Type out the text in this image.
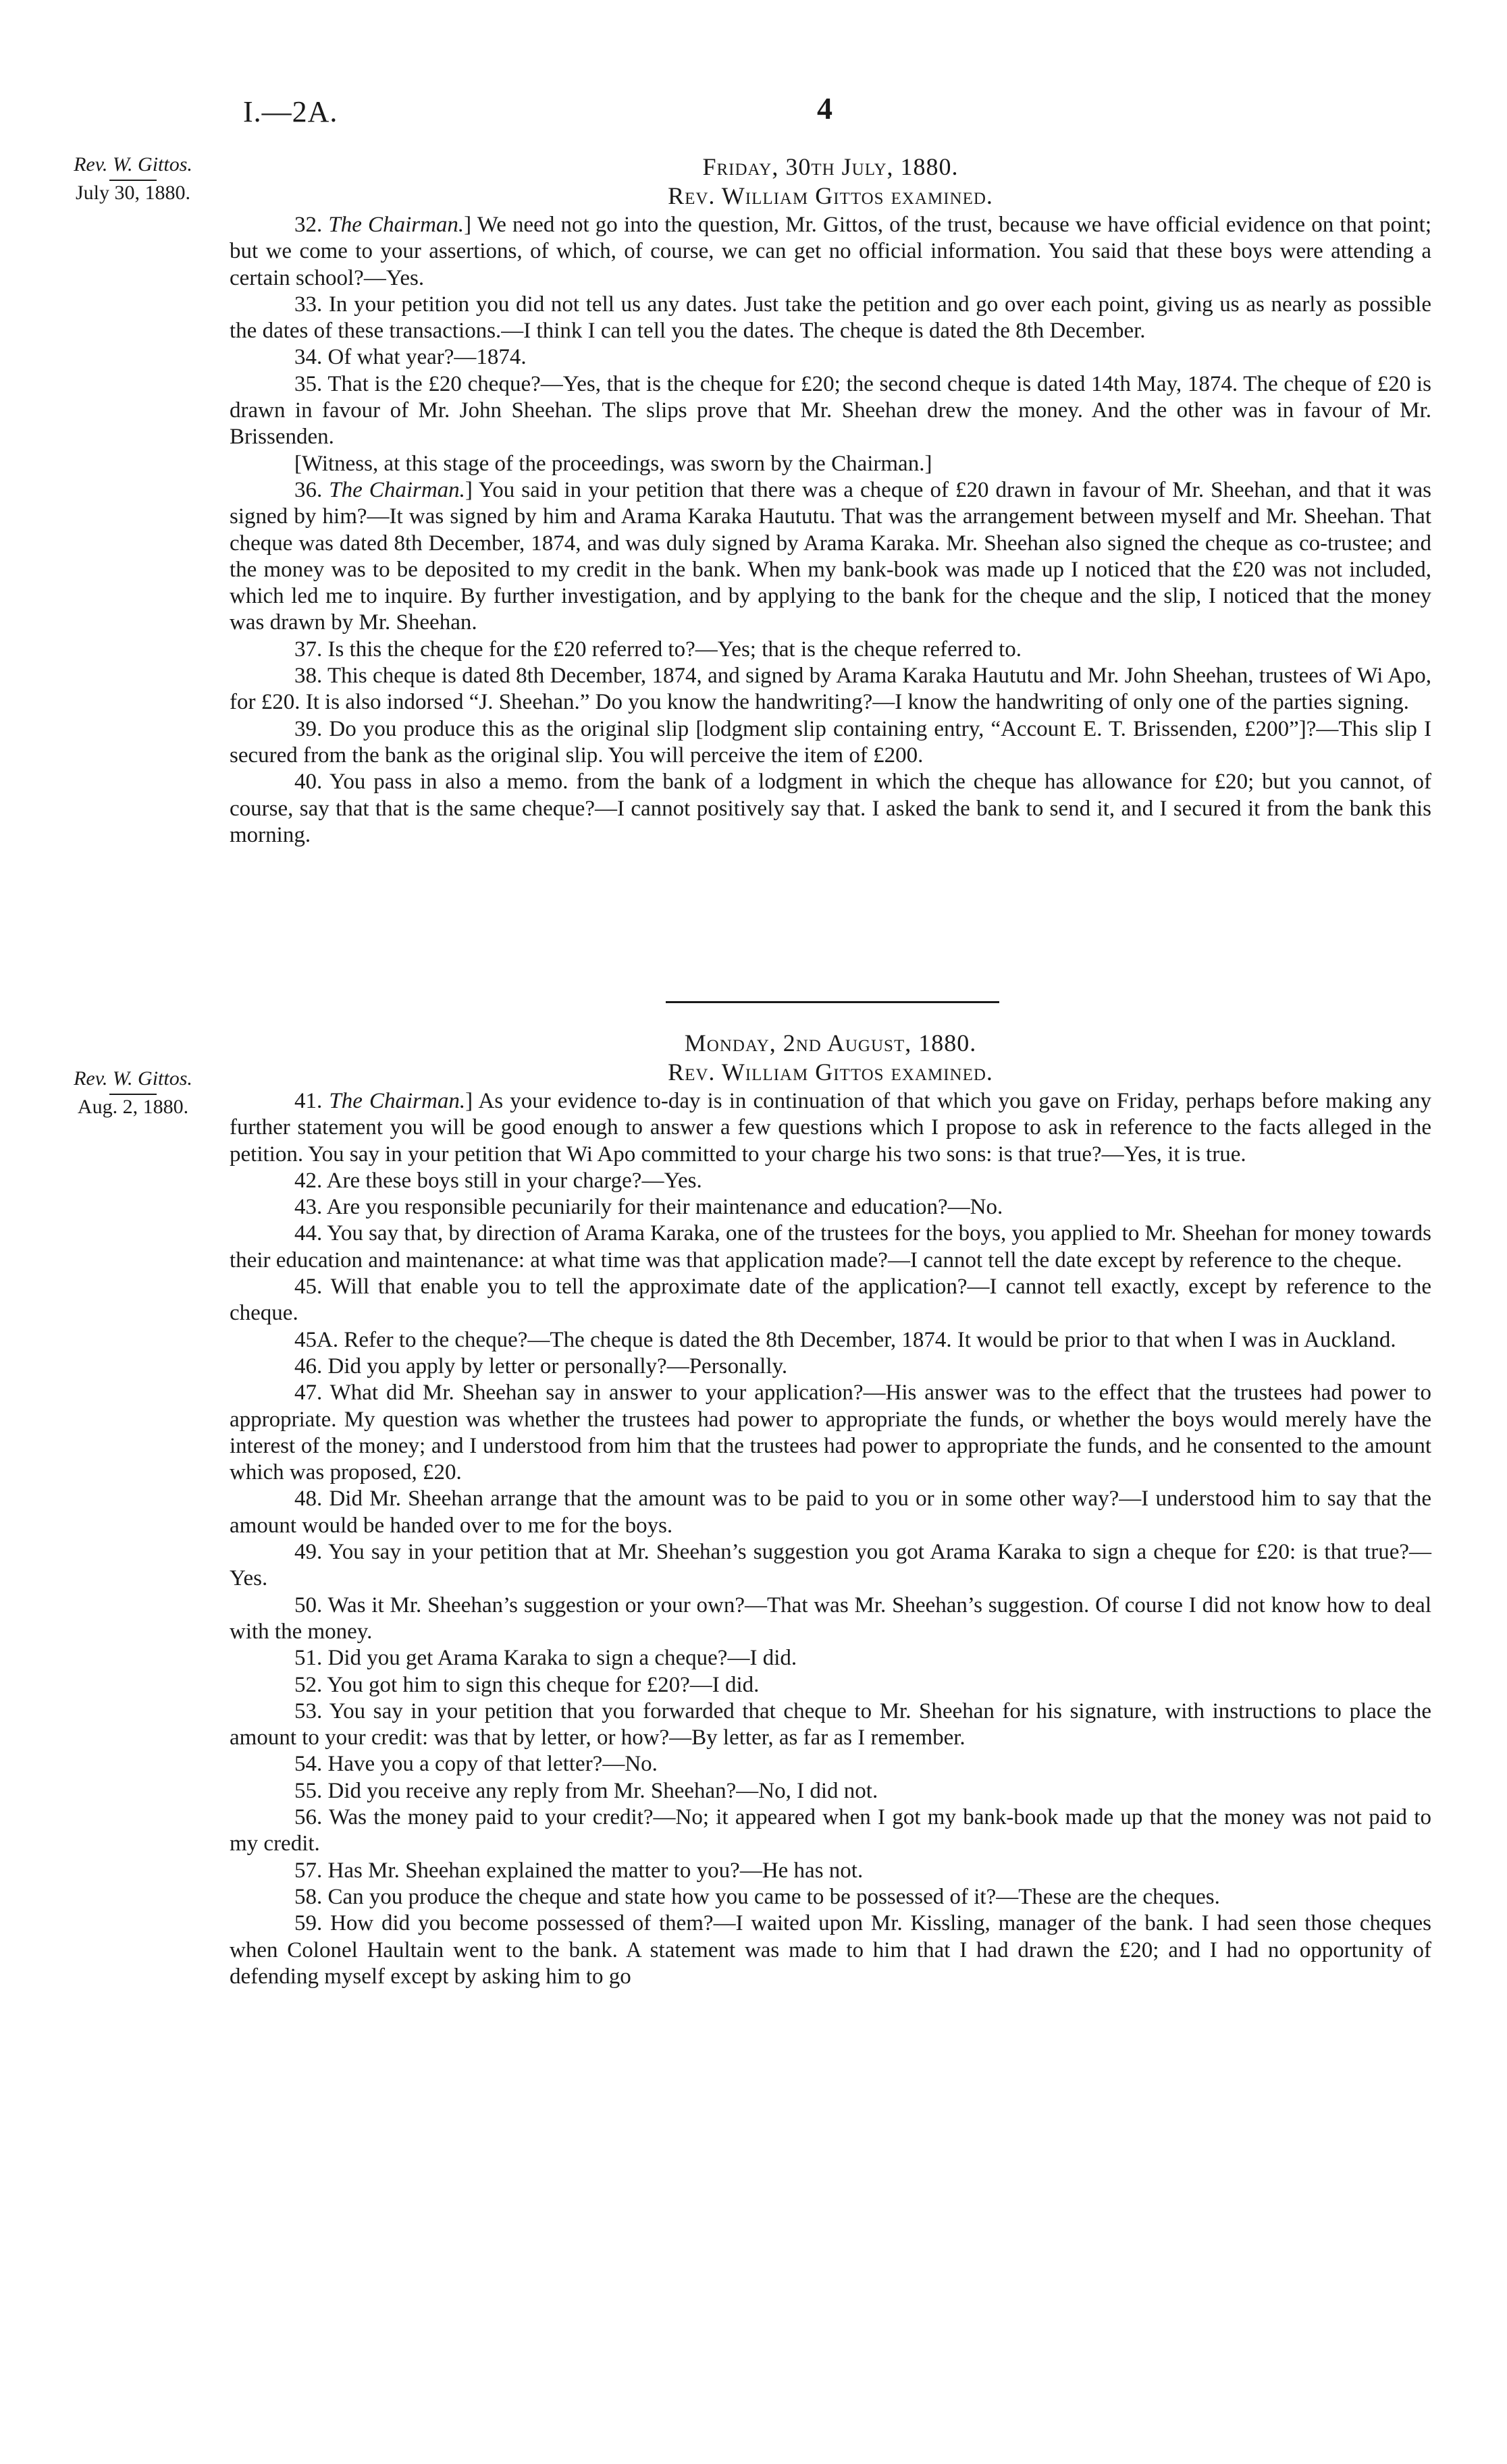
I.—2A.	4
Rev. W. Gittos.
July 30, 1880.
Friday, 30th July, 1880.
Rev. William Gittos examined.

32. The Chairman.] We need not go into the question, Mr. Gittos, of the trust, because we have official evidence on that point; but we come to your assertions, of which, of course, we can get no official information. You said that these boys were attending a certain school?—Yes.

33. In your petition you did not tell us any dates. Just take the petition and go over each point, giving us as nearly as possible the dates of these transactions.—I think I can tell you the dates. The cheque is dated the 8th December.

34. Of what year?—1874.

35. That is the £20 cheque?—Yes, that is the cheque for £20; the second cheque is dated 14th May, 1874. The cheque of £20 is drawn in favour of Mr. John Sheehan. The slips prove that Mr. Sheehan drew the money. And the other was in favour of Mr. Brissenden.

[Witness, at this stage of the proceedings, was sworn by the Chairman.]

36. The Chairman.] You said in your petition that there was a cheque of £20 drawn in favour of Mr. Sheehan, and that it was signed by him?—It was signed by him and Arama Karaka Haututu. That was the arrangement between myself and Mr. Sheehan. That cheque was dated 8th December, 1874, and was duly signed by Arama Karaka. Mr. Sheehan also signed the cheque as co-trustee; and the money was to be deposited to my credit in the bank. When my bank-book was made up I noticed that the £20 was not included, which led me to inquire. By further investigation, and by applying to the bank for the cheque and the slip, I noticed that the money was drawn by Mr. Sheehan.

37. Is this the cheque for the £20 referred to?—Yes; that is the cheque referred to.

38. This cheque is dated 8th December, 1874, and signed by Arama Karaka Haututu and Mr. John Sheehan, trustees of Wi Apo, for £20. It is also indorsed “J. Sheehan.” Do you know the handwriting?—I know the handwriting of only one of the parties signing.

39. Do you produce this as the original slip [lodgment slip containing entry, “Account E. T. Brissenden, £200”]?—This slip I secured from the bank as the original slip. You will perceive the item of £200.

40. You pass in also a memo. from the bank of a lodgment in which the cheque has allowance for £20; but you cannot, of course, say that that is the same cheque?—I cannot positively say that. I asked the bank to send it, and I secured it from the bank this morning.

Rev. W. Gittos.
Aug. 2, 1880.
Monday, 2nd August, 1880.
Rev. William Gittos examined.

41. The Chairman.] As your evidence to-day is in continuation of that which you gave on Friday, perhaps before making any further statement you will be good enough to answer a few questions which I propose to ask in reference to the facts alleged in the petition. You say in your petition that Wi Apo committed to your charge his two sons: is that true?—Yes, it is true.

42. Are these boys still in your charge?—Yes.

43. Are you responsible pecuniarily for their maintenance and education?—No.

44. You say that, by direction of Arama Karaka, one of the trustees for the boys, you applied to Mr. Sheehan for money towards their education and maintenance: at what time was that application made?—I cannot tell the date except by reference to the cheque.

45. Will that enable you to tell the approximate date of the application?—I cannot tell exactly, except by reference to the cheque.

45A. Refer to the cheque?—The cheque is dated the 8th December, 1874. It would be prior to that when I was in Auckland.

46. Did you apply by letter or personally?—Personally.

47. What did Mr. Sheehan say in answer to your application?—His answer was to the effect that the trustees had power to appropriate. My question was whether the trustees had power to appropriate the funds, or whether the boys would merely have the interest of the money; and I understood from him that the trustees had power to appropriate the funds, and he consented to the amount which was proposed, £20.

48. Did Mr. Sheehan arrange that the amount was to be paid to you or in some other way?—I understood him to say that the amount would be handed over to me for the boys.

49. You say in your petition that at Mr. Sheehan’s suggestion you got Arama Karaka to sign a cheque for £20: is that true?—Yes.

50. Was it Mr. Sheehan’s suggestion or your own?—That was Mr. Sheehan’s suggestion. Of course I did not know how to deal with the money.

51. Did you get Arama Karaka to sign a cheque?—I did.

52. You got him to sign this cheque for £20?—I did.

53. You say in your petition that you forwarded that cheque to Mr. Sheehan for his signature, with instructions to place the amount to your credit: was that by letter, or how?—By letter, as far as I remember.

54. Have you a copy of that letter?—No.

55. Did you receive any reply from Mr. Sheehan?—No, I did not.

56. Was the money paid to your credit?—No; it appeared when I got my bank-book made up that the money was not paid to my credit.

57. Has Mr. Sheehan explained the matter to you?—He has not.

58. Can you produce the cheque and state how you came to be possessed of it?—These are the cheques.

59. How did you become possessed of them?—I waited upon Mr. Kissling, manager of the bank. I had seen those cheques when Colonel Haultain went to the bank. A statement was made to him that I had drawn the £20; and I had no opportunity of defending myself except by asking him to go
